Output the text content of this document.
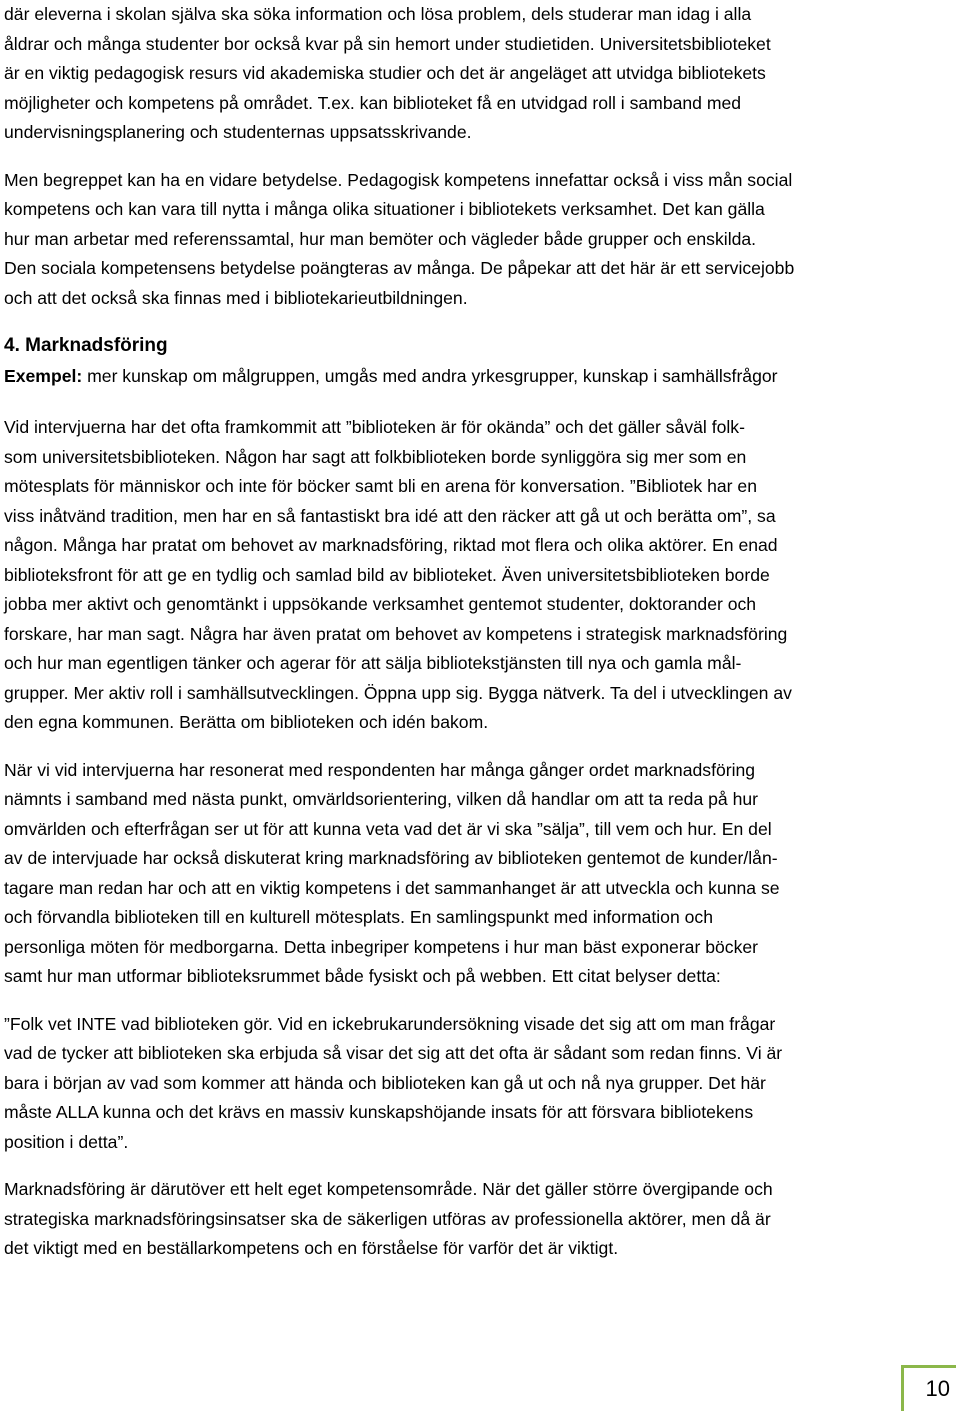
där eleverna i skolan själva ska söka information och lösa problem, dels studerar man idag i alla
åldrar och många studenter bor också kvar på sin hemort under studietiden. Universitetsbiblioteket
är en viktig pedagogisk resurs vid akademiska studier och det är angeläget att utvidga bibliotekets
möjligheter och kompetens på området. T.ex. kan biblioteket få en utvidgad roll i samband med
undervisningsplanering och studenternas uppsatsskrivande.
Men begreppet kan ha en vidare betydelse. Pedagogisk kompetens innefattar också i viss mån social
kompetens och kan vara till nytta i många olika situationer i bibliotekets verksamhet. Det kan gälla
hur man arbetar med referenssamtal, hur man bemöter och vägleder både grupper och enskilda.
Den sociala kompetensens betydelse poängteras av många. De påpekar att det här är ett servicejobb
och att det också ska finnas med i bibliotekarieutbildningen.
4. Marknadsföring
Exempel: mer kunskap om målgruppen, umgås med andra yrkesgrupper, kunskap i samhällsfrågor
Vid intervjuerna har det ofta framkommit att ”biblioteken är för okända” och det gäller såväl folk-
som universitetsbiblioteken. Någon har sagt att folkbiblioteken borde synliggöra sig mer som en
mötesplats för människor och inte för böcker samt bli en arena för konversation. ”Bibliotek har en
viss inåtvänd tradition, men har en så fantastiskt bra idé att den räcker att gå ut och berätta om”, sa
någon. Många har pratat om behovet av marknadsföring, riktad mot flera och olika aktörer. En enad
biblioteksfront för att ge en tydlig och samlad bild av biblioteket. Även universitetsbiblioteken borde
jobba mer aktivt och genomtänkt i uppsökande verksamhet gentemot studenter, doktorander och
forskare, har man sagt. Några har även pratat om behovet av kompetens i strategisk marknadsföring
och hur man egentligen tänker och agerar för att sälja bibliotekstjänsten till nya och gamla mål-
grupper. Mer aktiv roll i samhällsutvecklingen. Öppna upp sig. Bygga nätverk. Ta del i utvecklingen av
den egna kommunen. Berätta om biblioteken och idén bakom.
När vi vid intervjuerna har resonerat med respondenten har många gånger ordet marknadsföring
nämnts i samband med nästa punkt, omvärldsorientering, vilken då handlar om att ta reda på hur
omvärlden och efterfrågan ser ut för att kunna veta vad det är vi ska ”sälja”, till vem och hur. En del
av de intervjuade har också diskuterat kring marknadsföring av biblioteken gentemot de kunder/lån-
tagare man redan har och att en viktig kompetens i det sammanhanget är att utveckla och kunna se
och förvandla biblioteken till en kulturell mötesplats. En samlingspunkt med information och
personliga möten för medborgarna. Detta inbegriper kompetens i hur man bäst exponerar böcker
samt hur man utformar biblioteksrummet både fysiskt och på webben. Ett citat belyser detta:
”Folk vet INTE vad biblioteken gör. Vid en ickebrukarundersökning visade det sig att om man frågar
vad de tycker att biblioteken ska erbjuda så visar det sig att det ofta är sådant som redan finns. Vi är
bara i början av vad som kommer att hända och biblioteken kan gå ut och nå nya grupper. Det här
måste ALLA kunna och det krävs en massiv kunskapshöjande insats för att försvara bibliotekens
position i detta”.
Marknadsföring är därutöver ett helt eget kompetensområde. När det gäller större övergipande och
strategiska marknadsföringsinsatser ska de säkerligen utföras av professionella aktörer, men då är
det viktigt med en beställarkompetens och en förståelse för varför det är viktigt.
10
